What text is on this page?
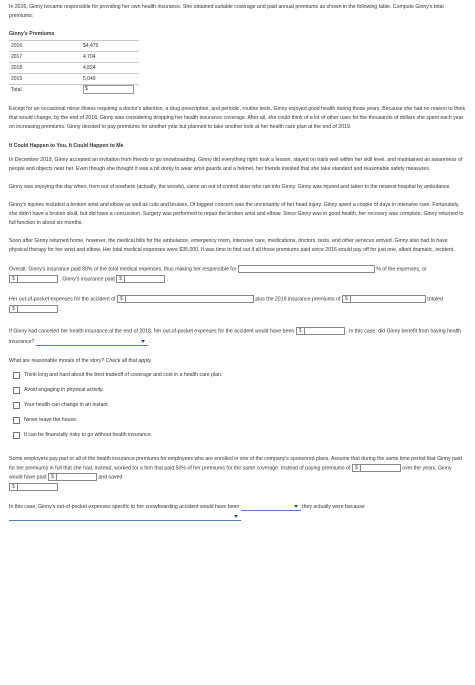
In 2016, Ginny became responsible for providing her own health insurance. She obtained suitable coverage and paid annual premiums as shown in the following table. Compute Ginny's total premiums:

Ginny's Premiums
2016	$4,479
2017	4,704
2018	4,824
2019	5,049
Total	$

Except for an occasional minor illness requiring a doctor's attention, a drug prescription, and periodic, routine tests, Ginny enjoyed good health during those years. Because she had no reason to think that would change, by the end of 2018, Ginny was considering dropping her health insurance coverage. After all, she could think of a lot of other uses for the thousands of dollars she spent each year on increasing premiums. Ginny decided to pay premiums for another year but planned to take another look at her health care plan at the end of 2019.

It Could Happen to You, It Could Happen to Me

In December 2019, Ginny accepted an invitation from friends to go snowboarding. Ginny did everything right: took a lesson, stayed on trails well within her skill level, and maintained an awareness of people and objects near her. Even though she thought it was a bit dorky to wear wrist guards and a helmet, her friends insisted that she take standard and reasonable safety measures.

Ginny was enjoying the day when, from out of nowhere (actually, the woods), came an out of control skier who ran into Ginny. Ginny was injured and taken to the nearest hospital by ambulance.

Ginny's injuries included a broken wrist and elbow as well as cuts and bruises. Of biggest concern was the uncertainty of her head injury. Ginny spent a couple of days in intensive care. Fortunately, she didn't have a broken skull, but did have a concussion. Surgery was performed to repair the broken wrist and elbow. Since Ginny was in good health, her recovery was complete. Ginny returned to full function in about six months.

Soon after Ginny returned home, however, the medical bills for the ambulance, emergency room, intensive care, medications, doctors, tests, and other services arrived. Ginny also had to have physical therapy for her wrist and elbow. Her total medical expenses were $35,000. It was time to find out if all those premiums paid since 2016 would pay off for just one, albeit dramatic, incident.

Overall, Ginny's insurance paid 80% of the total medical expenses, thus making her responsible for	% of the expenses, or

$	. Ginny's insurance paid $	.
Her out-of-pocket expenses for the accident of $	plus the 2019 insurance premiums of $	totaled
$	.
If Ginny had canceled her health insurance at the end of 2018, her out-of-pocket expenses for the accident would have been $	. In this case, did Ginny benefit from having health insurance?	.
What are reasonable morals of the story? Check all that apply.
Think long and hard about the best tradeoff of coverage and cost in a health care plan.
Avoid engaging in physical activity.
Your health can change in an instant.
Never leave the house.
It can be financially risky to go without health insurance.
Some employers pay part or all of the health insurance premiums for employees who are enrolled in one of the company's sponsored plans. Assume that during the same time period that Ginny paid for her premiums in full that she had, instead, worked for a firm that paid 50% of her premiums for the same coverage. Instead of paying premiums of $	over the years, Ginny would have paid $	and saved

$
In this case, Ginny's out-of-pocket expenses specific to her snowboarding accident would have been	they actually were because
